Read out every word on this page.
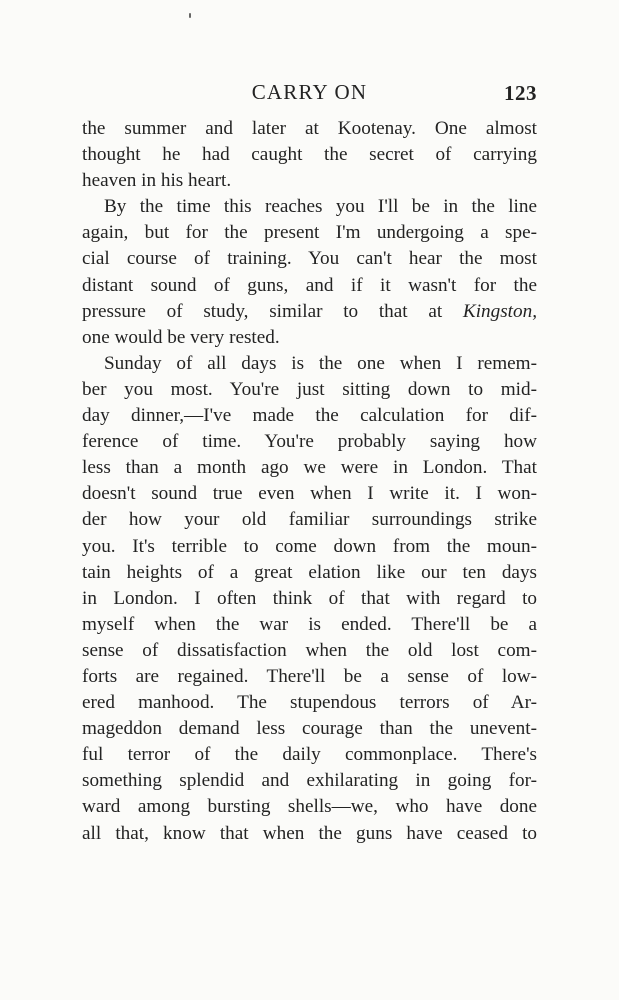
CARRY ON	123
the summer and later at Kootenay. One almost
thought he had caught the secret of carrying
heaven in his heart.
By the time this reaches you I'll be in the line
again, but for the present I'm undergoing a spe-
cial course of training. You can't hear the most
distant sound of guns, and if it wasn't for the
pressure of study, similar to that at Kingston,
one would be very rested.
Sunday of all days is the one when I remem-
ber you most. You're just sitting down to mid-
day dinner,—I've made the calculation for dif-
ference of time. You're probably saying how
less than a month ago we were in London. That
doesn't sound true even when I write it. I won-
der how your old familiar surroundings strike
you. It's terrible to come down from the moun-
tain heights of a great elation like our ten days
in London. I often think of that with regard to
myself when the war is ended. There'll be a
sense of dissatisfaction when the old lost com-
forts are regained. There'll be a sense of low-
ered manhood. The stupendous terrors of Ar-
mageddon demand less courage than the unevent-
ful terror of the daily commonplace. There's
something splendid and exhilarating in going for-
ward among bursting shells—we, who have done
all that, know that when the guns have ceased to
